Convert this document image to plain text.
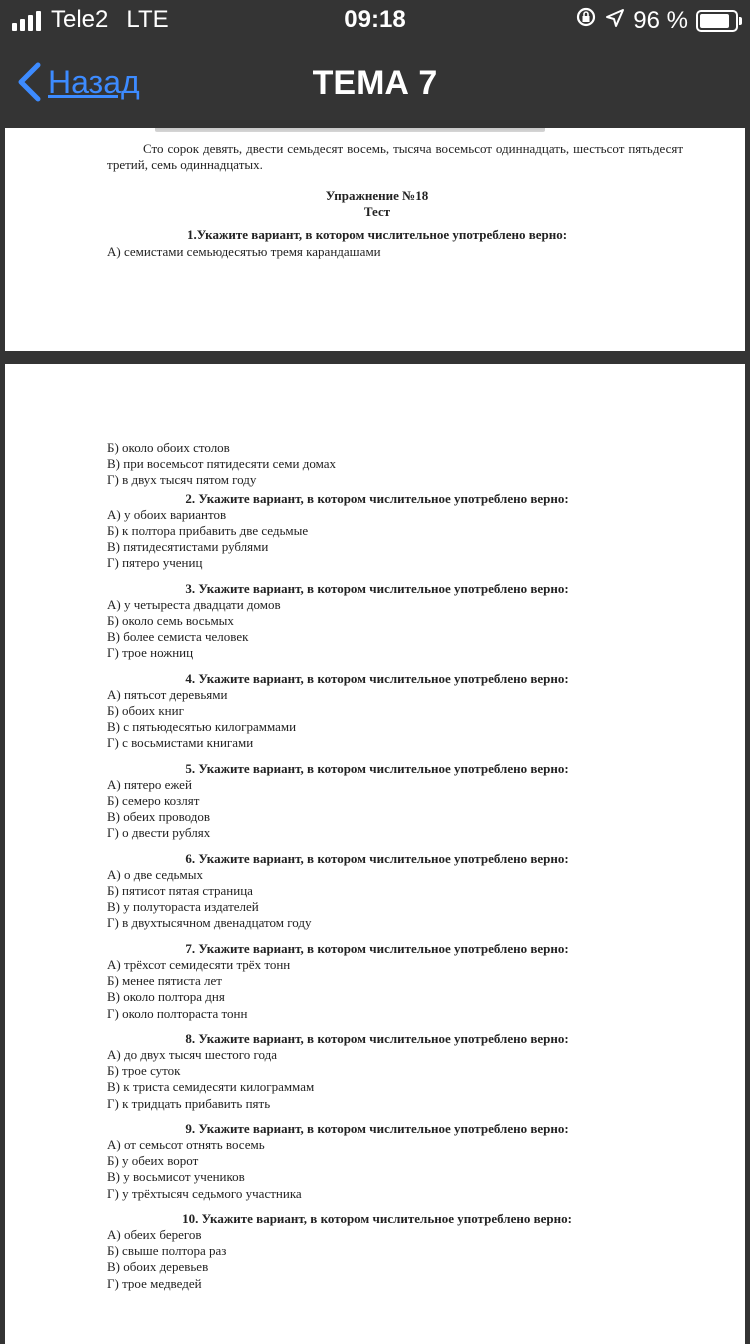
Tele2 LTE	09:18	96 %
Назад	ТЕМА 7
Сто сорок девять, двести семьдесят восемь, тысяча восемьсот одиннадцать, шестьсот пятьдесят третий, семь одиннадцатых.
Упражнение №18
Тест
1.Укажите вариант, в котором числительное употреблено верно:
А) семистами семьюдесятью тремя карандашами
Б) около обоих столов
В) при восемьсот пятидесяти семи домах
Г) в двух тысяч пятом году
2. Укажите вариант, в котором числительное употреблено верно:
А) у обоих вариантов
Б) к полтора прибавить две седьмые
В) пятидесятистами рублями
Г) пятеро учениц
3. Укажите вариант, в котором числительное употреблено верно:
А) у четыреста двадцати домов
Б) около семь восьмых
В) более семиста человек
Г) трое ножниц
4. Укажите вариант, в котором числительное употреблено верно:
А) пятьсот деревьями
Б) обоих книг
В) с пятьюдесятью килограммами
Г) с восьмистами книгами
5. Укажите вариант, в котором числительное употреблено верно:
А) пятеро ежей
Б) семеро козлят
В) обеих проводов
Г) о двести рублях
6. Укажите вариант, в котором числительное употреблено верно:
А) о две седьмых
Б) пятисот пятая страница
В) у полутораста издателей
Г) в двухтысячном двенадцатом году
7. Укажите вариант, в котором числительное употреблено верно:
А) трёхсот семидесяти трёх тонн
Б) менее пятиста лет
В) около полтора дня
Г) около полтораста тонн
8. Укажите вариант, в котором числительное употреблено верно:
А) до двух тысяч шестого года
Б) трое суток
В) к триста семидесяти килограммам
Г) к тридцать прибавить пять
9. Укажите вариант, в котором числительное употреблено верно:
А) от семьсот отнять восемь
Б) у обеих ворот
В) у восьмисот учеников
Г) у трёхтысяч седьмого участника
10. Укажите вариант, в котором числительное употреблено верно:
А) обеих берегов
Б) свыше полтора раз
В) обоих деревьев
Г) трое медведей
